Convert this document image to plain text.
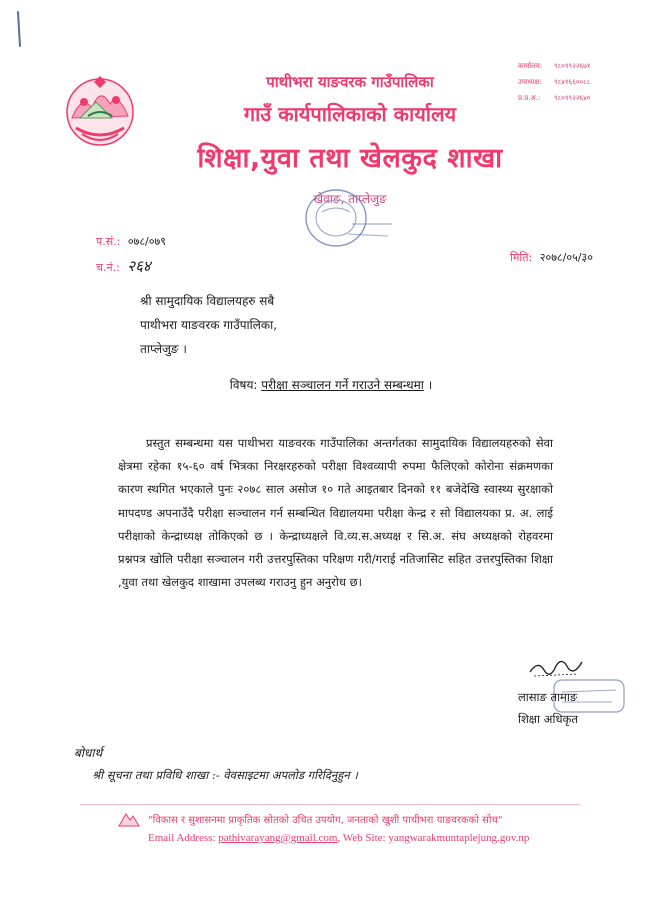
पाथीभरा याङवरक गाउँपालिका
गाउँ कार्यपालिकाको कार्यालय
शिक्षा,युवा तथा खेलकुद शाखा
खेवाङ, ताप्लेजुङ
कार्यालय:	९८०९९२२६७१
उपाध्यक्ष:	९८४१६६००८८
प्र.प्र.अ.:	९८०९९२२६४०
प.सं.: ०७८/०७९
च.नं.: २६४	मिति: २०७८/०५/३०
श्री सामुदायिक विद्यालयहरु सबै
पाथीभरा याङवरक गाउँपालिका,
ताप्लेजुङ ।
विषय: परीक्षा सञ्चालन गर्ने गराउने सम्बन्धमा ।
प्रस्तुत सम्बन्धमा यस पाथीभरा याङवरक गाउँपालिका अन्तर्गतका सामुदायिक विद्यालयहरुको सेवा क्षेत्रमा रहेका १५-६० वर्ष भित्रका निरक्षरहरुको परीक्षा विश्वव्यापी रुपमा फैलिएको कोरोना संक्रमणका कारण स्थगित भएकाले पुनः २०७८ साल असोज १० गते आइतबार दिनको ११ बजेदेखि स्वास्थ्य सुरक्षाको मापदण्ड अपनाउँदै परीक्षा सञ्चालन गर्न सम्बन्धित विद्यालयमा परीक्षा केन्द्र र सो विद्यालयका प्र. अ. लाई परीक्षाको केन्द्राध्यक्ष तोकिएको छ । केन्द्राध्यक्षले वि.व्य.स.अध्यक्ष र सि.अ. संघ अध्यक्षको रोहवरमा प्रश्नपत्र खोलि परीक्षा सञ्चालन गरी उत्तरपुस्तिका परिक्षण गरी/गराई नतिजासिट सहित उत्तरपुस्तिका शिक्षा ,युवा तथा खेलकुद शाखामा उपलब्ध गराउनु हुन अनुरोध छ।
लासाङ तामाङ
शिक्षा अधिकृत
बोधार्थ
श्री सूचना तथा प्रविधि शाखा :- वेवसाइटमा अपलोड गरिदिनुहुन ।
"विकास र सुशासनमा प्राकृतिक स्रोतको उचित उपयोग, जनताको खुशी पाथीभरा याङवरकको सोच"
Email Address: pathivarayang@gmail.com, Web Site: yangwarakmuntaplejung.gov.np
